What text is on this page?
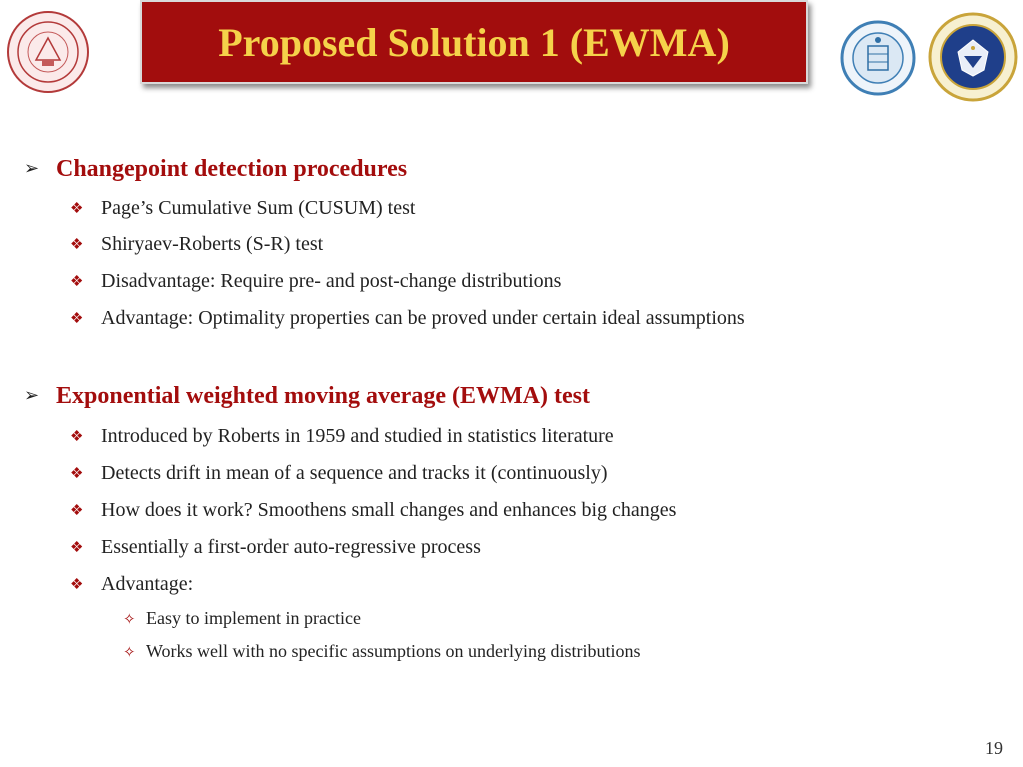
Proposed Solution 1 (EWMA)
➢ Changepoint detection procedures
❖ Page’s Cumulative Sum (CUSUM) test
❖ Shiryaev-Roberts (S-R) test
❖ Disadvantage: Require pre- and post-change distributions
❖ Advantage: Optimality properties can be proved under certain ideal assumptions
➢ Exponential weighted moving average (EWMA) test
❖ Introduced by Roberts in 1959 and studied in statistics literature
❖ Detects drift in mean of a sequence and tracks it (continuously)
❖ How does it work? Smoothens small changes and enhances big changes
❖ Essentially a first-order auto-regressive process
❖ Advantage:
✧ Easy to implement in practice
✧ Works well with no specific assumptions on underlying distributions
19
